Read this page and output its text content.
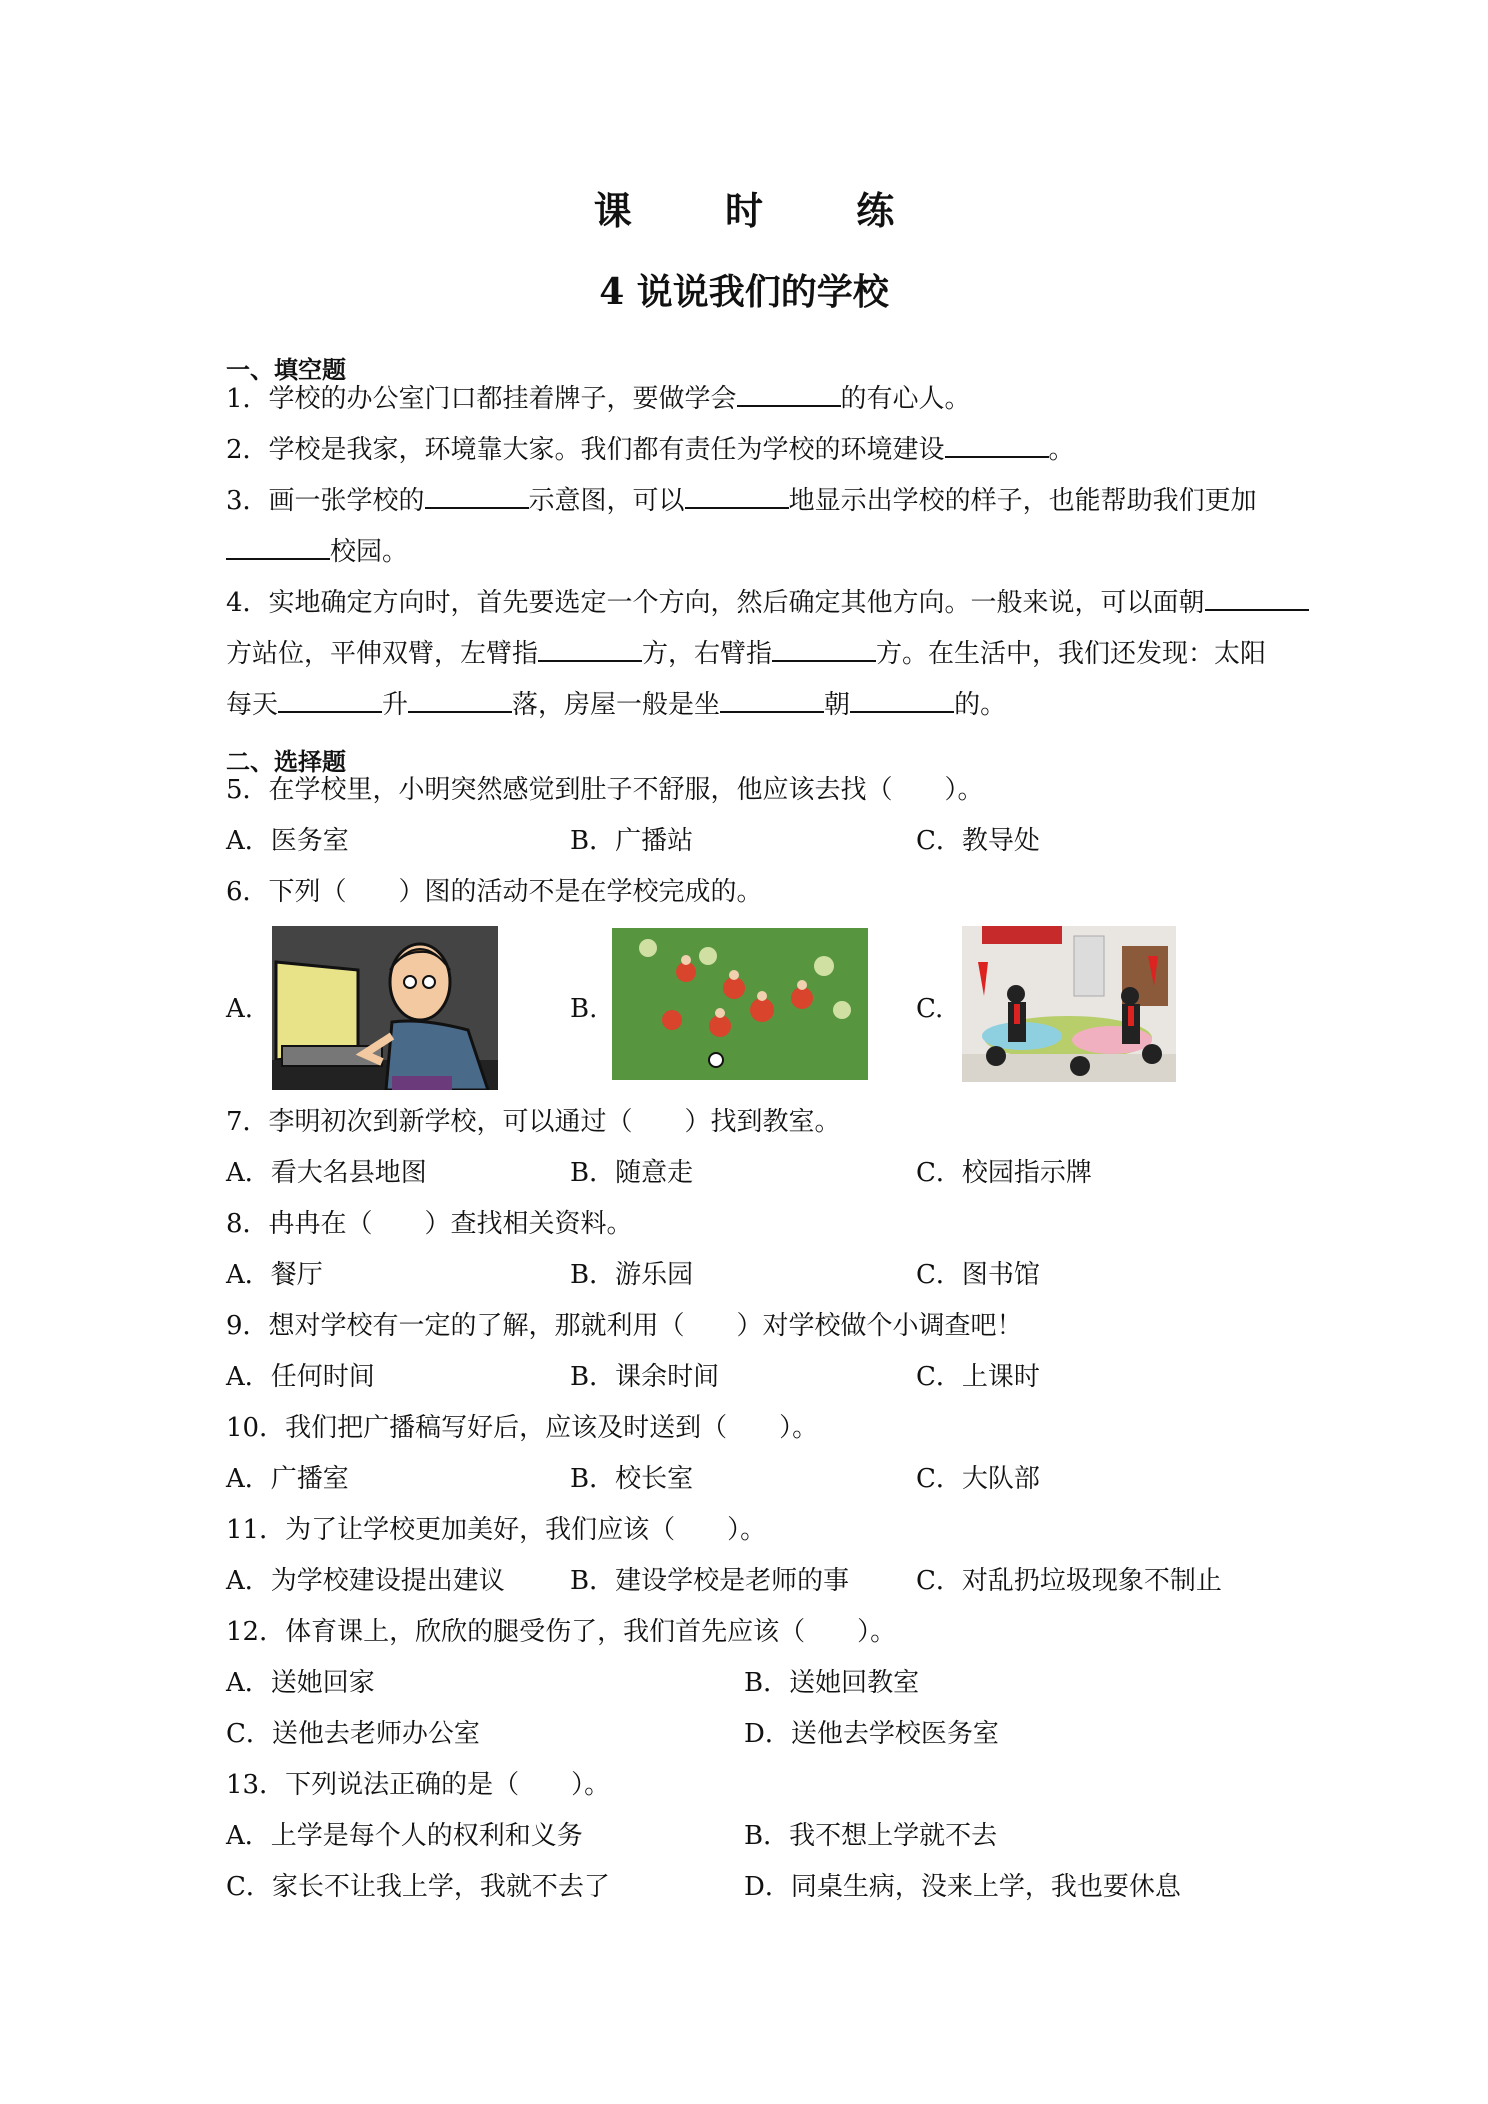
课 时 练
4 说说我们的学校
一、填空题
1．学校的办公室门口都挂着牌子，要做学会	的有心人。
2．学校是我家，环境靠大家。我们都有责任为学校的环境建设	。
3．画一张学校的	示意图，可以	地显示出学校的样子，也能帮助我们更加
校园。
4．实地确定方向时，首先要选定一个方向，然后确定其他方向。一般来说，可以面朝
方站位，平伸双臂，左臂指	方，右臂指	方。在生活中，我们还发现：太阳
每天	升	落，房屋一般是坐	朝	的。
二、选择题
5．在学校里，小明突然感觉到肚子不舒服，他应该去找（　　）。
A．医务室	B．广播站	C．教导处
6．下列（　　）图的活动不是在学校完成的。
A.	B.	C.
7．李明初次到新学校，可以通过（　　）找到教室。
A．看大名县地图	B．随意走	C．校园指示牌
8．冉冉在（　　）查找相关资料。
A．餐厅	B．游乐园	C．图书馆
9．想对学校有一定的了解，那就利用（　　）对学校做个小调查吧！
A．任何时间	B．课余时间	C．上课时
10．我们把广播稿写好后，应该及时送到（　　）。
A．广播室	B．校长室	C．大队部
11．为了让学校更加美好，我们应该（　　）。
A．为学校建设提出建议	B．建设学校是老师的事	C．对乱扔垃圾现象不制止
12．体育课上，欣欣的腿受伤了，我们首先应该（　　）。
A．送她回家	B．送她回教室
C．送他去老师办公室	D．送他去学校医务室
13．下列说法正确的是（　　）。
A．上学是每个人的权利和义务	B．我不想上学就不去
C．家长不让我上学，我就不去了	D．同桌生病，没来上学，我也要休息
